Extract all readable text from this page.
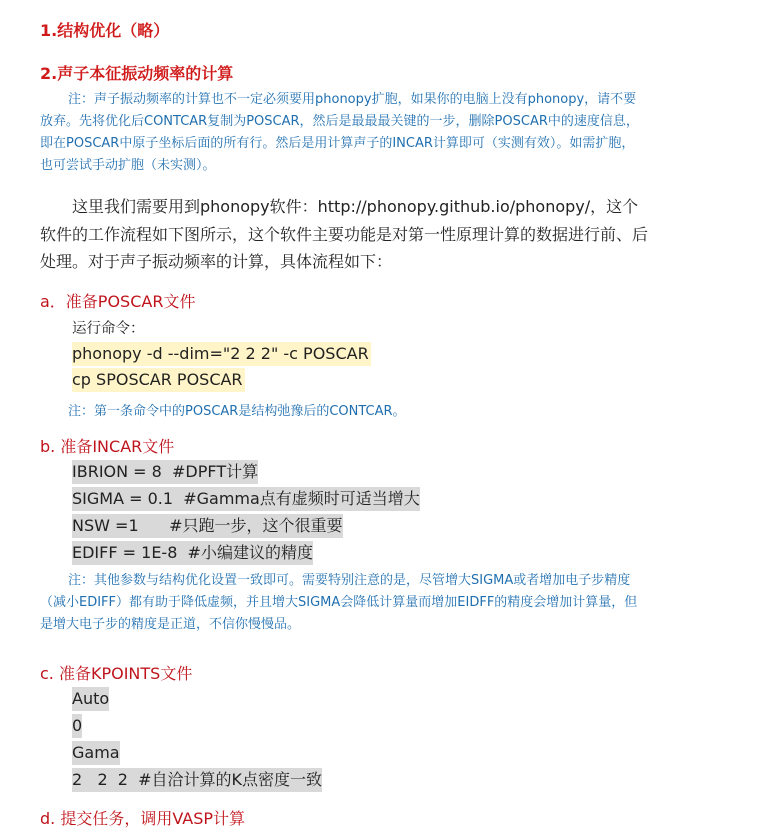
1.结构优化（略）
2.声子本征振动频率的计算
注：声子振动频率的计算也不一定必须要用phonopy扩胞，如果你的电脑上没有phonopy，请不要
放弃。先将优化后CONTCAR复制为POSCAR，然后是最最最关键的一步，删除POSCAR中的速度信息，
即在POSCAR中原子坐标后面的所有行。然后是用计算声子的INCAR计算即可（实测有效）。如需扩胞，
也可尝试手动扩胞（未实测）。
这里我们需要用到phonopy软件：http://phonopy.github.io/phonopy/，这个
软件的工作流程如下图所示，这个软件主要功能是对第一性原理计算的数据进行前、后
处理。对于声子振动频率的计算，具体流程如下：
a．准备POSCAR文件
运行命令：
phonopy -d --dim="2 2 2" -c POSCAR
cp SPOSCAR POSCAR
注：第一条命令中的POSCAR是结构弛豫后的CONTCAR。
b. 准备INCAR文件
IBRION = 8  #DPFT计算
SIGMA = 0.1  #Gamma点有虚频时可适当增大
NSW =1      #只跑一步，这个很重要
EDIFF = 1E-8  #小编建议的精度
注：其他参数与结构优化设置一致即可。需要特别注意的是，尽管增大SIGMA或者增加电子步精度
（减小EDIFF）都有助于降低虚频，并且增大SIGMA会降低计算量而增加EIDFF的精度会增加计算量，但
是增大电子步的精度是正道，不信你慢慢品。
c. 准备KPOINTS文件
Auto
0
Gama
2   2  2  #自洽计算的K点密度一致
d. 提交任务，调用VASP计算
